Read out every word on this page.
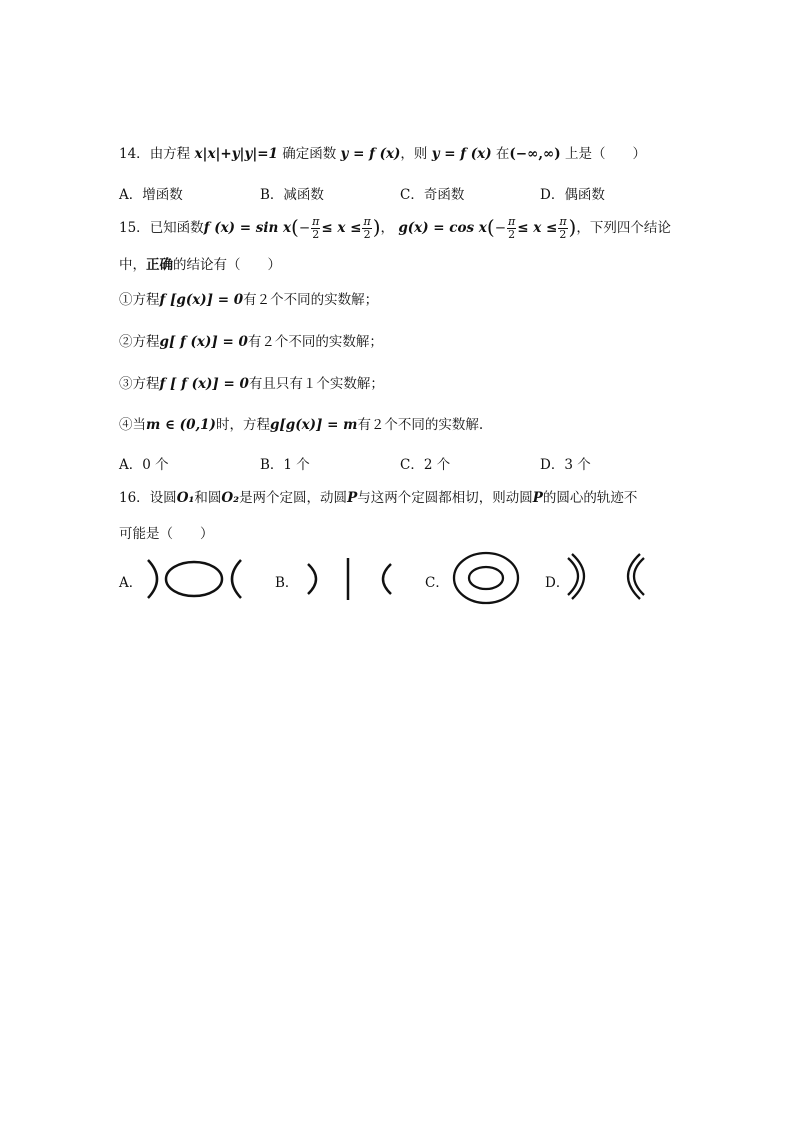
14．由方程 x|x|+y|y|=1 确定函数 y = f (x)，则 y = f (x) 在(−∞,∞) 上是（　　）
A．增函数	B．减函数	C．奇函数	D．偶函数
15．已知函数f $(x) = \sin x(- \frac{\pi}{2} \le x \le \frac{\pi}{2}$ )， $g(x) = \cos x(- \frac{\pi}{2} \le x \le \frac{\pi}{2}$ )，下列四个结论
中，正确的结论有（　　）
①方程f [g(x)] = 0有２个不同的实数解；
②方程g[ f (x)] = 0有２个不同的实数解；
③方程f [ f (x)] = 0有且只有１个实数解；
④当m ∈ (0,1)时，方程g[g(x)] = m有２个不同的实数解.
A．0 个	B．1 个	C．2 个	D．3 个
16．设圆O₁和圆O₂是两个定圆，动圆P与这两个定圆都相切，则动圆P的圆心的轨迹不
可能是（　　）
A．	B．	C．	D．
